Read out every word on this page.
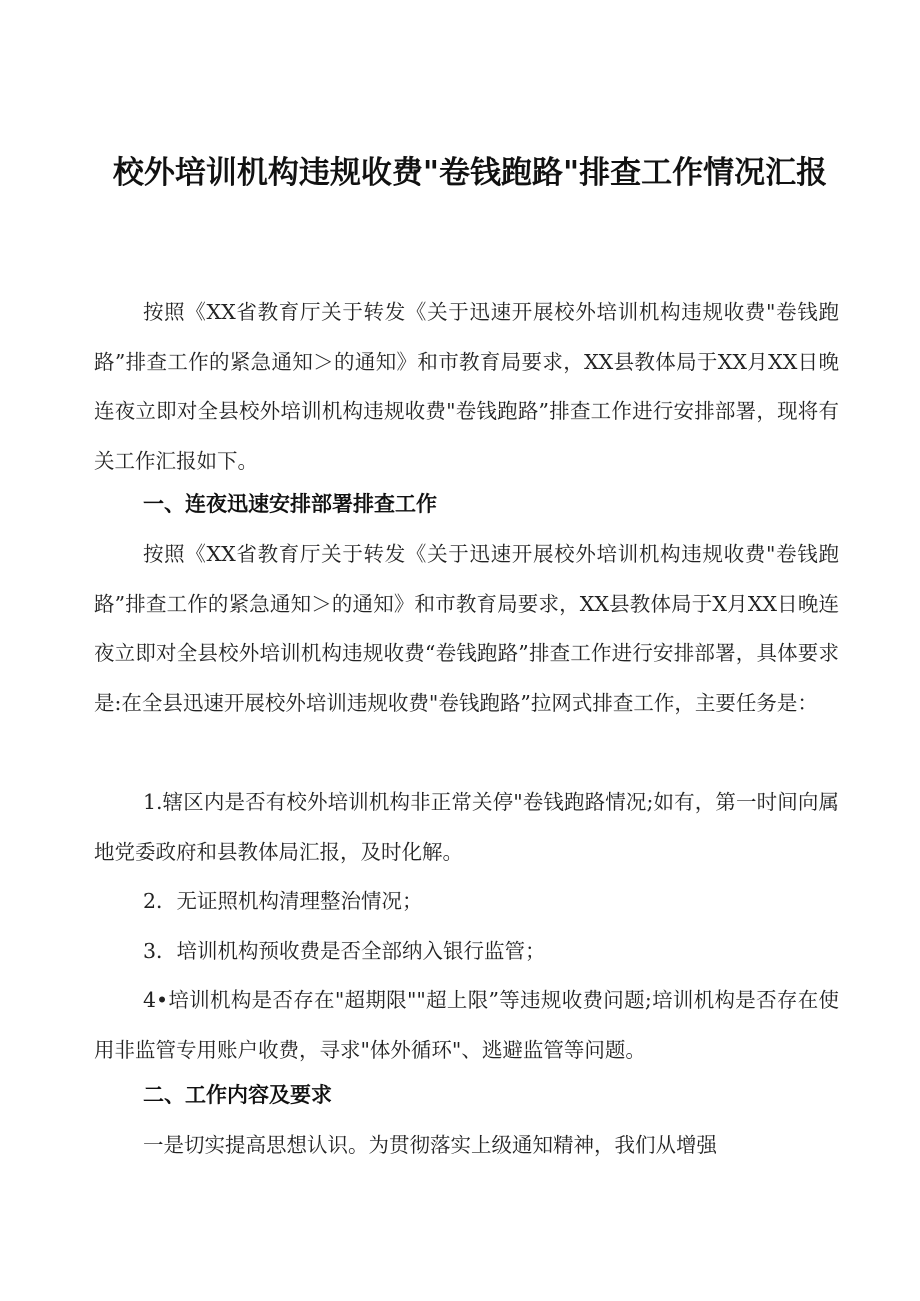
校外培训机构违规收费"卷钱跑路"排查工作情况汇报

按照《XX省教育厅关于转发《关于迅速开展校外培训机构违规收费"卷钱跑路”排查工作的紧急通知＞的通知》和市教育局要求，XX县教体局于XX月XX日晚连夜立即对全县校外培训机构违规收费"卷钱跑路”排查工作进行安排部署，现将有关工作汇报如下。

一、连夜迅速安排部署排查工作

按照《XX省教育厅关于转发《关于迅速开展校外培训机构违规收费"卷钱跑路”排查工作的紧急通知＞的通知》和市教育局要求，XX县教体局于X月XX日晚连夜立即对全县校外培训机构违规收费“卷钱跑路”排查工作进行安排部署，具体要求是:在全县迅速开展校外培训违规收费"卷钱跑路”拉网式排查工作，主要任务是：

1.辖区内是否有校外培训机构非正常关停"卷钱跑路情况;如有，第一时间向属地党委政府和县教体局汇报，及时化解。

2．无证照机构清理整治情况；

3．培训机构预收费是否全部纳入银行监管；

4•培训机构是否存在"超期限""超上限”等违规收费问题;培训机构是否存在使用非监管专用账户收费，寻求"体外循环"、逃避监管等问题。

二、工作内容及要求

一是切实提高思想认识。为贯彻落实上级通知精神，我们从增强
